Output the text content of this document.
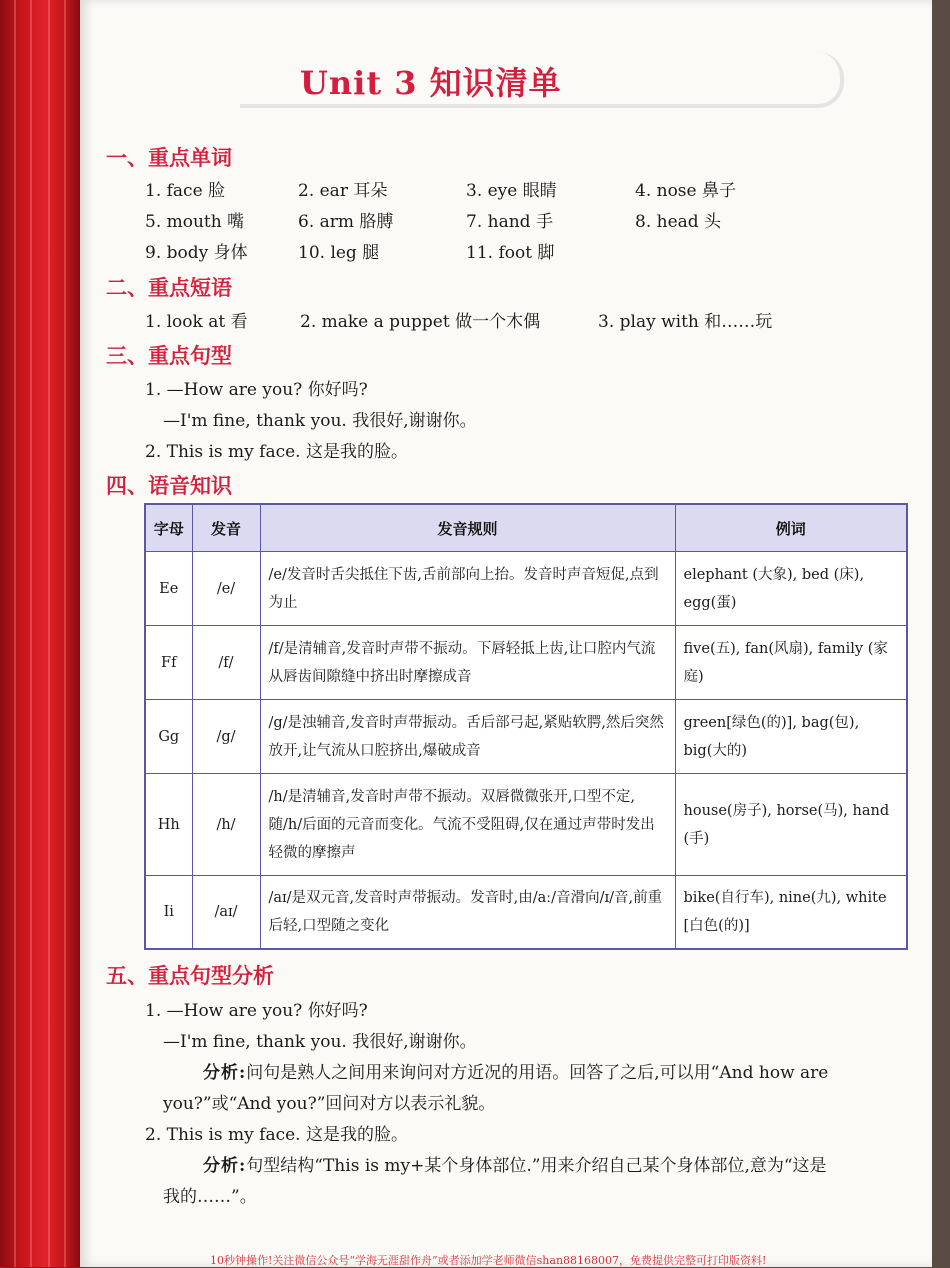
Unit 3 知识清单
一、重点单词
1. face 脸	2. ear 耳朵	3. eye 眼睛	4. nose 鼻子
5. mouth 嘴	6. arm 胳膊	7. hand 手	8. head 头
9. body 身体	10. leg 腿	11. foot 脚
二、重点短语
1. look at 看	2. make a puppet 做一个木偶	3. play with 和……玩
三、重点句型
1. —How are you? 你好吗?
—I'm fine, thank you. 我很好,谢谢你。
2. This is my face. 这是我的脸。
四、语音知识
字母	发音	发音规则	例词
Ee	/e/	/e/发音时舌尖抵住下齿,舌前部向上抬。发音时声音短促,点到为止	elephant (大象), bed (床), egg(蛋)
Ff	/f/	/f/是清辅音,发音时声带不振动。下唇轻抵上齿,让口腔内气流从唇齿间隙缝中挤出时摩擦成音	five(五), fan(风扇), family (家庭)
Gg	/g/	/g/是浊辅音,发音时声带振动。舌后部弓起,紧贴软腭,然后突然放开,让气流从口腔挤出,爆破成音	green[绿色(的)], bag(包), big(大的)
Hh	/h/	/h/是清辅音,发音时声带不振动。双唇微微张开,口型不定,随/h/后面的元音而变化。气流不受阻碍,仅在通过声带时发出轻微的摩擦声	house(房子), horse(马), hand (手)
Ii	/aɪ/	/aɪ/是双元音,发音时声带振动。发音时,由/aː/音滑向/ɪ/音,前重后轻,口型随之变化	bike(自行车), nine(九), white [白色(的)]
五、重点句型分析
1. —How are you? 你好吗?
—I'm fine, thank you. 我很好,谢谢你。
分析:问句是熟人之间用来询问对方近况的用语。回答了之后,可以用“And how are
you?”或“And you?”回问对方以表示礼貌。
2. This is my face. 这是我的脸。
分析:句型结构“This is my+某个身体部位.”用来介绍自己某个身体部位,意为“这是
我的……”。
10秒钟操作!关注微信公众号“学海无涯甜作舟”或者添加学老师微信shan88168007，免费提供完整可打印版资料!
